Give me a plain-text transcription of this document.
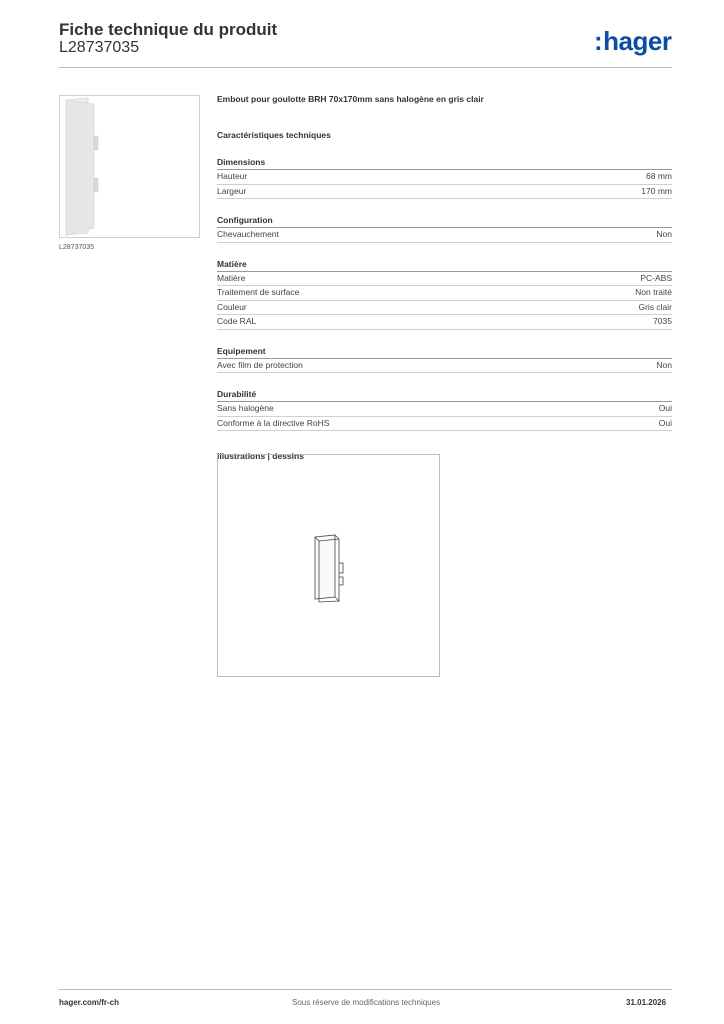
Fiche technique du produit
L28737035	:hager
L28737035
Embout pour goulotte BRH 70x170mm sans halogène en gris clair
Caractéristiques techniques
Dimensions
Hauteur	68 mm
Largeur	170 mm
Configuration
Chevauchement	Non
Matière
Matière	PC-ABS
Traitement de surface	Non traité
Couleur	Gris clair
Code RAL	7035
Equipement
Avec film de protection	Non
Durabilité
Sans halogène	Oui
Conforme à la directive RoHS	Oui
Illustrations | dessins
hager.com/fr-ch	Sous réserve de modifications techniques	31.01.2026
